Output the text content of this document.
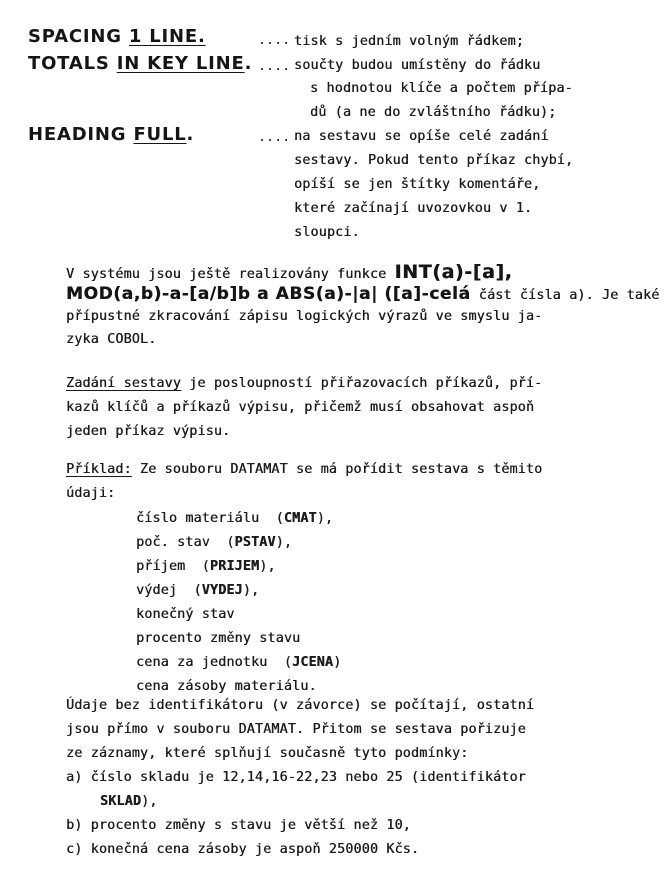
SPACING 1 LINE.	.... tisk s jedním volným řádkem;
TOTALS IN KEY LINE. .... součty budou umístěny do řádku
s hodnotou klíče a počtem přípa-
dů (a ne do zvláštního řádku);
HEADING FULL.	.... na sestavu se opíše celé zadání
sestavy. Pokud tento příkaz chybí,
opíší se jen štítky komentáře,
které začínají uvozovkou v 1.
sloupci.
V systému jsou ještě realizovány funkce INT(a)-[a],
MOD(a,b)-a-[a/b]b a ABS(a)-|a| ([a]-celá část čísla a). Je také
přípustné zkracování zápisu logických výrazů ve smyslu ja-
zyka COBOL.
Zadání sestavy je posloupností přiřazovacích příkazů, pří-
kazů klíčů a příkazů výpisu, přičemž musí obsahovat aspoň
jeden příkaz výpisu.
Příklad: Ze souboru DATAMAT se má pořídit sestava s těmito
údaji:
číslo materiálu  (CMAT),
poč. stav  (PSTAV),
příjem  (PRIJEM),
výdej  (VYDEJ),
konečný stav
procento změny stavu
cena za jednotku  (JCENA)
cena zásoby materiálu.
Údaje bez identifikátoru (v závorce) se počítají, ostatní
jsou přímo v souboru DATAMAT. Přitom se sestava pořizuje
ze záznamy, které splňují současně tyto podmínky:
a) číslo skladu je 12,14,16-22,23 nebo 25 (identifikátor
SKLAD),
b) procento změny s stavu je větší než 10,
c) konečná cena zásoby je aspoň 250000 Kčs.
